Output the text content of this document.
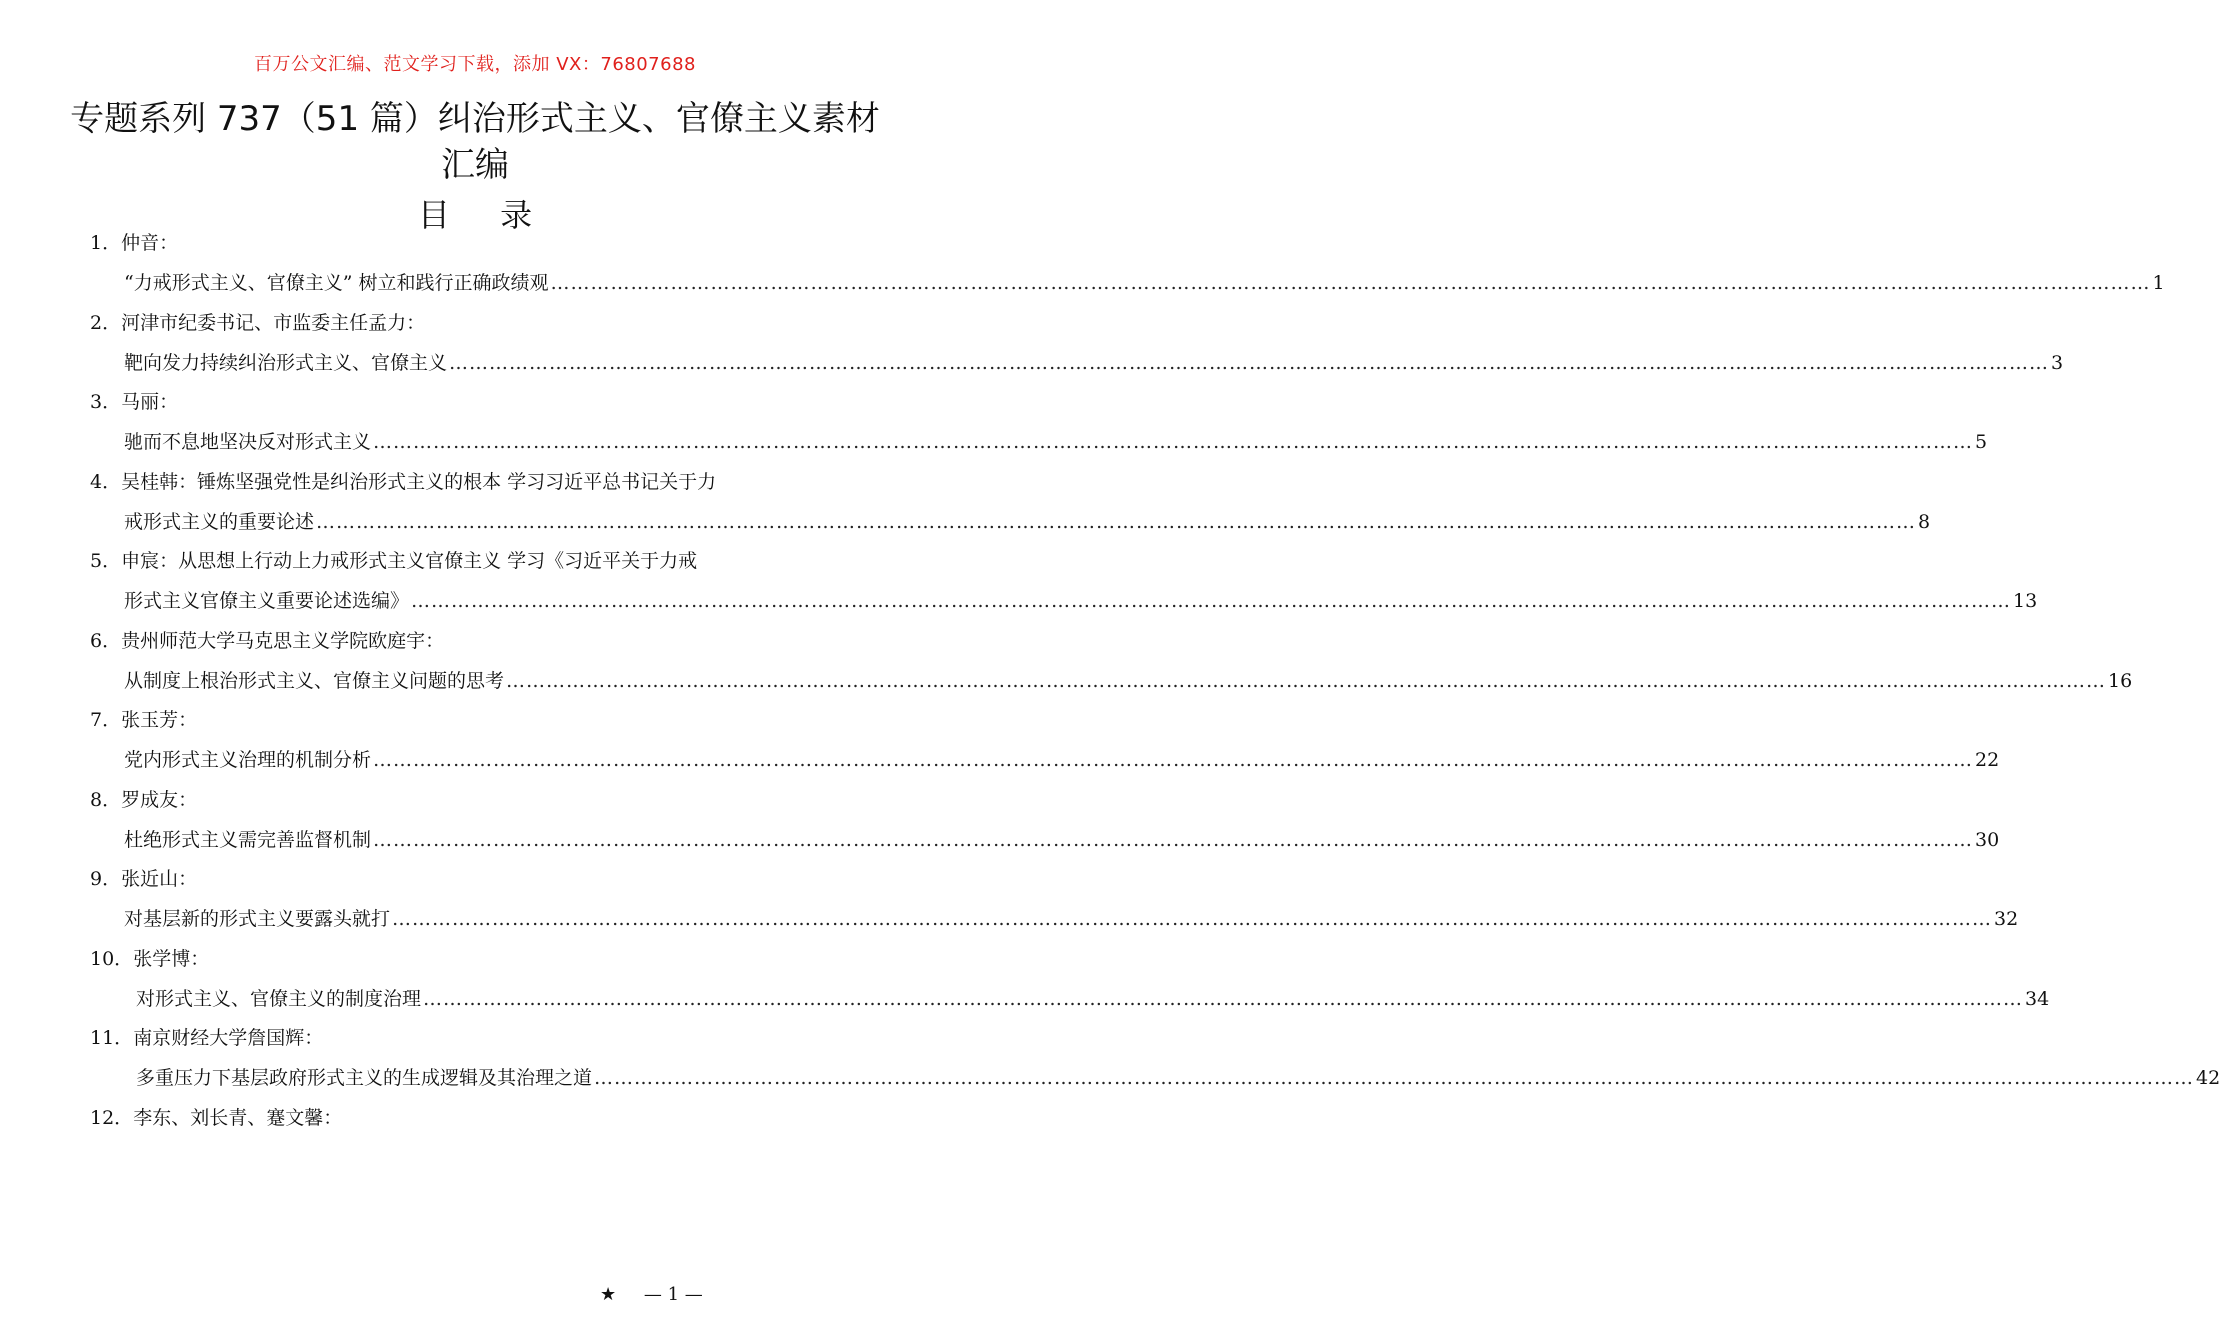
百万公文汇编、范文学习下载，添加 VX：76807688
专题系列 737（51 篇）纠治形式主义、官僚主义素材汇编
目 录
1．仲音：
“力戒形式主义、官僚主义” 树立和践行正确政绩观 …………………………………………………………………………………………………………………………………………………………………………………………………………………… 1
2．河津市纪委书记、市监委主任孟力：
靶向发力持续纠治形式主义、官僚主义 …………………………………………………………………………………………………………………………………………………………………………………………………………………… 3
3．马丽：
驰而不息地坚决反对形式主义 …………………………………………………………………………………………………………………………………………………………………………………………………………………… 5
4．吴桂韩：锤炼坚强党性是纠治形式主义的根本 学习习近平总书记关于力
戒形式主义的重要论述 …………………………………………………………………………………………………………………………………………………………………………………………………………………… 8
5．申宸：从思想上行动上力戒形式主义官僚主义 学习《习近平关于力戒
形式主义官僚主义重要论述选编》 …………………………………………………………………………………………………………………………………………………………………………………………………………………… 13
6．贵州师范大学马克思主义学院欧庭宇：
从制度上根治形式主义、官僚主义问题的思考 …………………………………………………………………………………………………………………………………………………………………………………………………………………… 16
7．张玉芳：
党内形式主义治理的机制分析 …………………………………………………………………………………………………………………………………………………………………………………………………………………… 22
8．罗成友：
杜绝形式主义需完善监督机制 …………………………………………………………………………………………………………………………………………………………………………………………………………………… 30
9．张近山：
对基层新的形式主义要露头就打 …………………………………………………………………………………………………………………………………………………………………………………………………………………… 32
10．张学博：
对形式主义、官僚主义的制度治理 …………………………………………………………………………………………………………………………………………………………………………………………………………………… 34
11．南京财经大学詹国辉：
多重压力下基层政府形式主义的生成逻辑及其治理之道 …………………………………………………………………………………………………………………………………………………………………………………………………………………… 42
12．李东、刘长青、蹇文馨：
★ — 1 —
